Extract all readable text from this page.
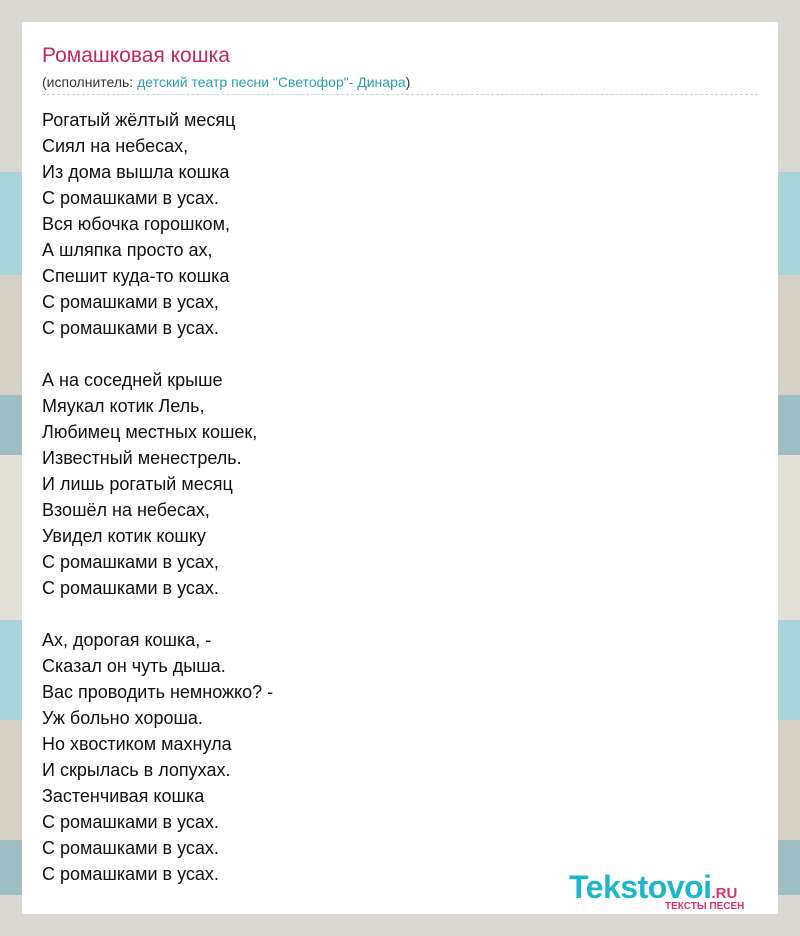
Ромашковая кошка
(исполнитель: детский театр песни "Светофор"- Динара)
Рогатый жёлтый месяц
Сиял на небесах,
Из дома вышла кошка
С ромашками в усах.
Вся юбочка горошком,
А шляпка просто ах,
Спешит куда-то кошка
С ромашками в усах,
С ромашками в усах.
А на соседней крыше
Мяукал котик Лель,
Любимец местных кошек,
Известный менестрель.
И лишь рогатый месяц
Взошёл на небесах,
Увидел котик кошку
С ромашками в усах,
С ромашками в усах.
Ах, дорогая кошка, -
Сказал он чуть дыша.
Вас проводить немножко? -
Уж больно хороша.
Но хвостиком махнула
И скрылась в лопухах.
Застенчивая кошка
С ромашками в усах.
С ромашками в усах.
С ромашками в усах.	Tekstovoi.RU
ТЕКСТЫ ПЕСЕН
